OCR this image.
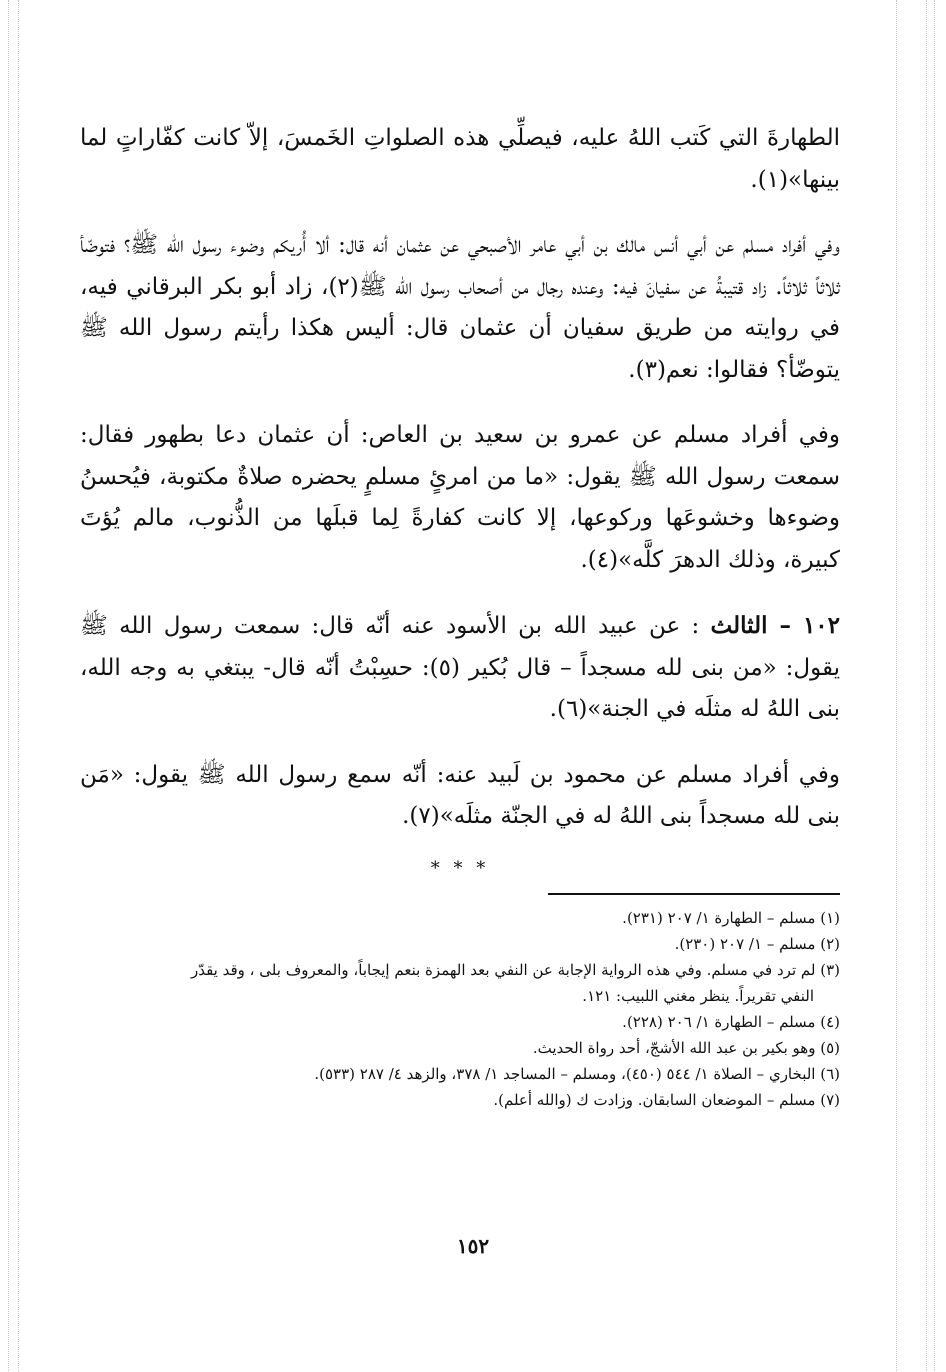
الطهارةَ التي كَتب اللهُ عليه، فيصلِّي هذه الصلواتِ الخَمسَ، إلاّ كانت كفّاراتٍ لما بينها»(١).

وفي أفراد مسلم عن أبي أنس مالك بن أبي عامر الأصبحي عن عثمان أنه قال: ألا أُريكم وضوء رسول الله ﷺ؟ فتوضّأ ثلاثاً ثلاثاً. زاد قتيبةُ عن سفيانَ فيه: وعنده رجال من أصحاب رسول الله ﷺ(٢)، زاد أبو بكر البرقاني فيه، في روايته من طريق سفيان أن عثمان قال: أليس هكذا رأيتم رسول الله ﷺ يتوضّأ؟ فقالوا: نعم(٣).

وفي أفراد مسلم عن عمرو بن سعيد بن العاص: أن عثمان دعا بطهور فقال: سمعت رسول الله ﷺ يقول: «ما من امرئٍ مسلمٍ يحضره صلاةٌ مكتوبة، فيُحسنُ وضوءها وخشوعَها وركوعها، إلا كانت كفارةً لِما قبلَها من الذُّنوب، مالم يُؤتَ كبيرة، وذلك الدهرَ كلَّه»(٤).

١٠٢ – الثالث : عن عبيد الله بن الأسود عنه أنّه قال: سمعت رسول الله ﷺ يقول: «من بنى لله مسجداً – قال بُكير (٥): حسِبْتُ أنّه قال- يبتغي به وجه الله، بنى اللهُ له مثلَه في الجنة»(٦).

وفي أفراد مسلم عن محمود بن لَبيد عنه: أنّه سمع رسول الله ﷺ يقول: «مَن بنى لله مسجداً بنى اللهُ له في الجنّة مثلَه»(٧).

* * *

(١) مسلم – الطهارة ١/ ٢٠٧ (٢٣١).

(٢) مسلم – ١/ ٢٠٧ (٢٣٠).

(٣) لم ترد في مسلم. وفي هذه الرواية الإجابة عن النفي بعد الهمزة بنعم إيجاباً، والمعروف بلى ، وقد يقدّر

النفي تقريراً. ينظر مغني اللبيب: ١٢١.

(٤) مسلم – الطهارة ١/ ٢٠٦ (٢٢٨).

(٥) وهو بكير بن عبد الله الأشجّ، أحد رواة الحديث.

(٦) البخاري – الصلاة ١/ ٥٤٤ (٤٥٠)، ومسلم – المساجد ١/ ٣٧٨، والزهد ٤/ ٢٨٧ (٥٣٣).

(٧) مسلم – الموضعان السابقان. وزادت ك (والله أعلم).

١٥٢
